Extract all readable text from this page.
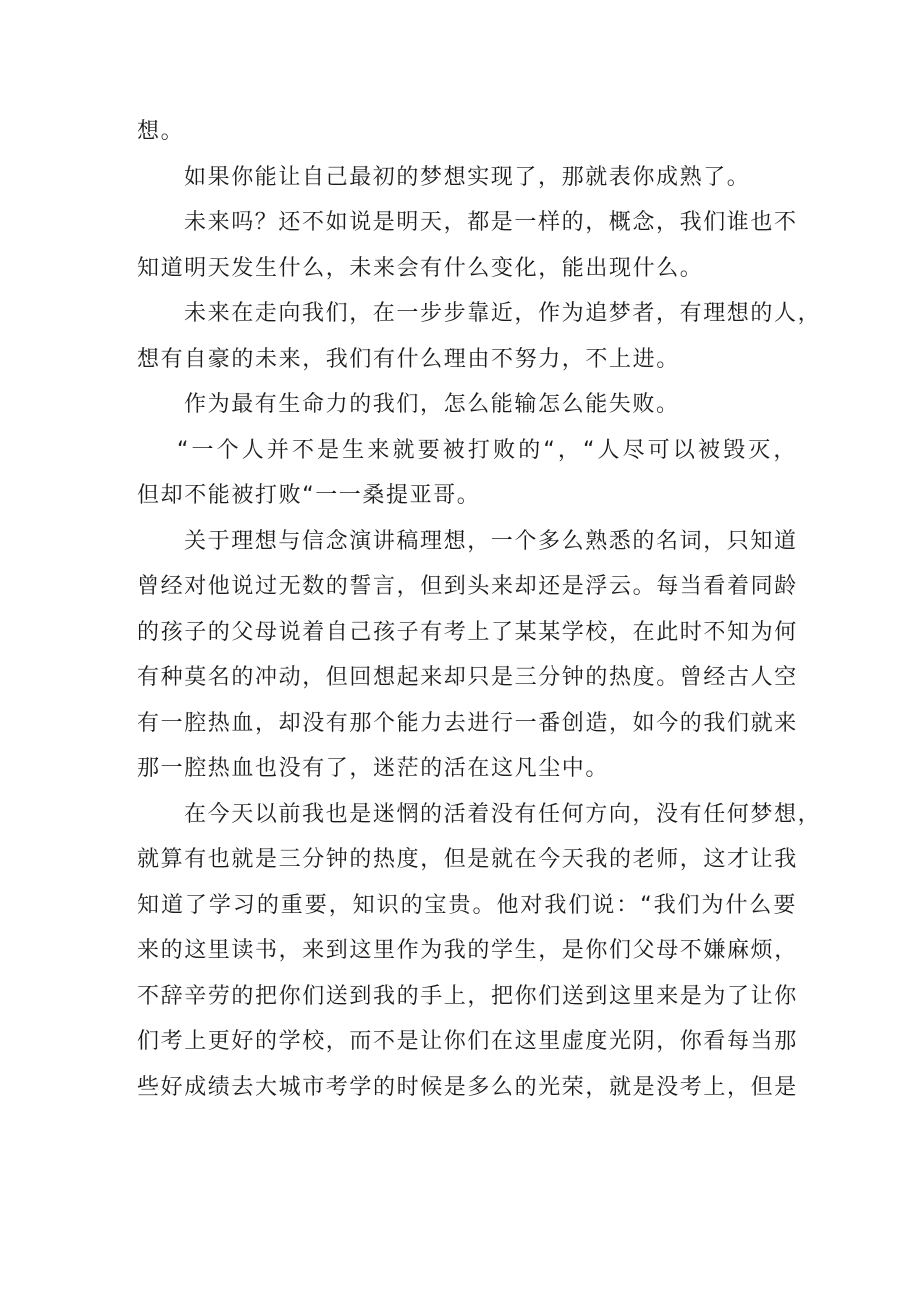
想。
如果你能让自己最初的梦想实现了，那就表你成熟了。
未来吗？还不如说是明天，都是一样的，概念，我们谁也不
知道明天发生什么，未来会有什么变化，能出现什么。
未来在走向我们，在一步步靠近，作为追梦者，有理想的人，
想有自豪的未来，我们有什么理由不努力，不上进。
作为最有生命力的我们，怎么能输怎么能失败。
“一个人并不是生来就要被打败的“，“人尽可以被毁灭，
但却不能被打败“一一桑提亚哥。
关于理想与信念演讲稿理想，一个多么熟悉的名词，只知道
曾经对他说过无数的誓言，但到头来却还是浮云。每当看着同龄
的孩子的父母说着自己孩子有考上了某某学校，在此时不知为何
有种莫名的冲动，但回想起来却只是三分钟的热度。曾经古人空
有一腔热血，却没有那个能力去进行一番创造，如今的我们就来
那一腔热血也没有了，迷茫的活在这凡尘中。
在今天以前我也是迷惘的活着没有任何方向，没有任何梦想，
就算有也就是三分钟的热度，但是就在今天我的老师，这才让我
知道了学习的重要，知识的宝贵。他对我们说：“我们为什么要
来的这里读书，来到这里作为我的学生，是你们父母不嫌麻烦，
不辞辛劳的把你们送到我的手上，把你们送到这里来是为了让你
们考上更好的学校，而不是让你们在这里虚度光阴，你看每当那
些好成绩去大城市考学的时候是多么的光荣，就是没考上，但是
